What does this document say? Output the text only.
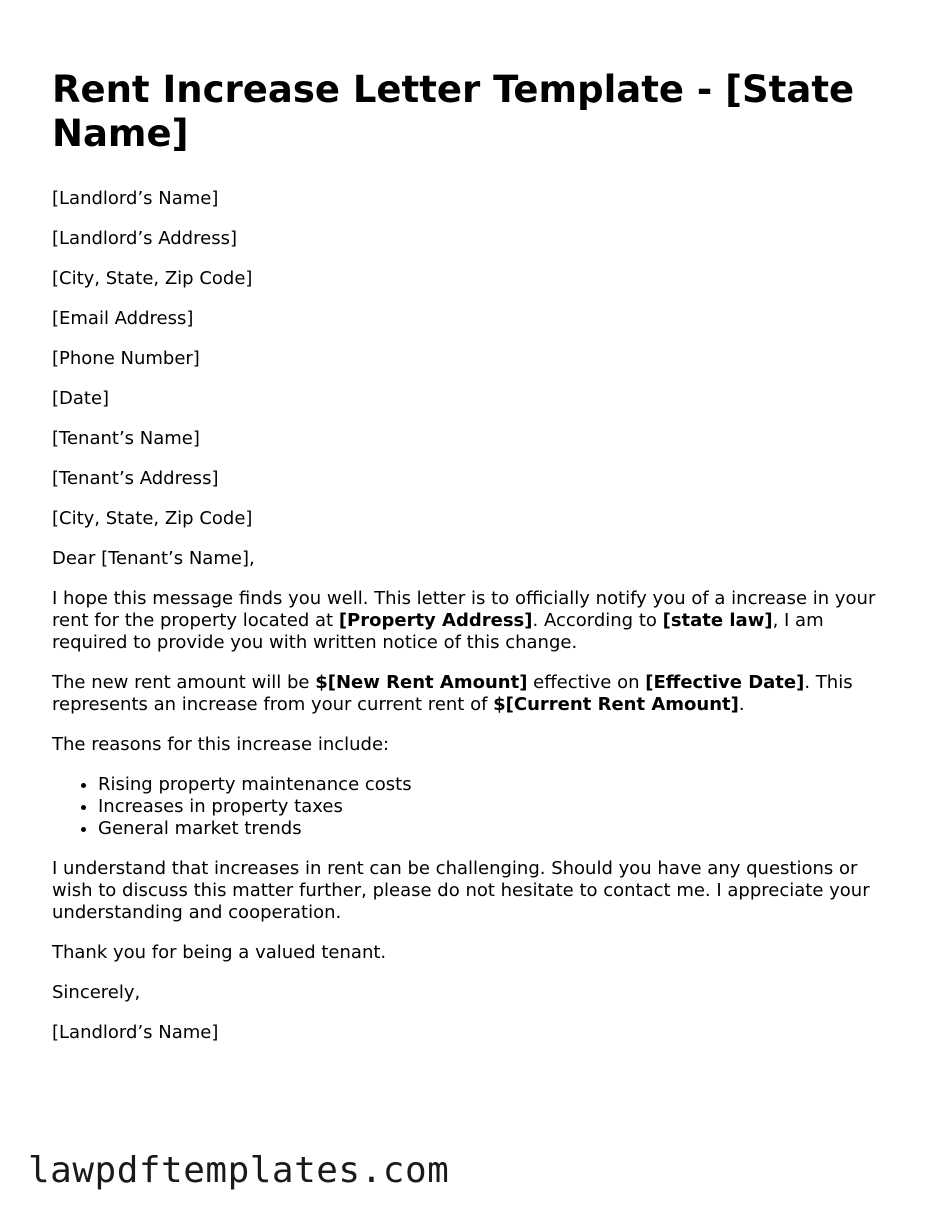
Rent Increase Letter Template - [State Name]

[Landlord’s Name]

[Landlord’s Address]

[City, State, Zip Code]

[Email Address]

[Phone Number]

[Date]

[Tenant’s Name]

[Tenant’s Address]

[City, State, Zip Code]

Dear [Tenant’s Name],

I hope this message finds you well. This letter is to officially notify you of a increase in your rent for the property located at [Property Address]. According to [state law], I am required to provide you with written notice of this change.

The new rent amount will be $[New Rent Amount] effective on [Effective Date]. This represents an increase from your current rent of $[Current Rent Amount].

The reasons for this increase include:

• Rising property maintenance costs
• Increases in property taxes
• General market trends

I understand that increases in rent can be challenging. Should you have any questions or wish to discuss this matter further, please do not hesitate to contact me. I appreciate your understanding and cooperation.

Thank you for being a valued tenant.

Sincerely,

[Landlord’s Name]

lawpdftemplates.com
